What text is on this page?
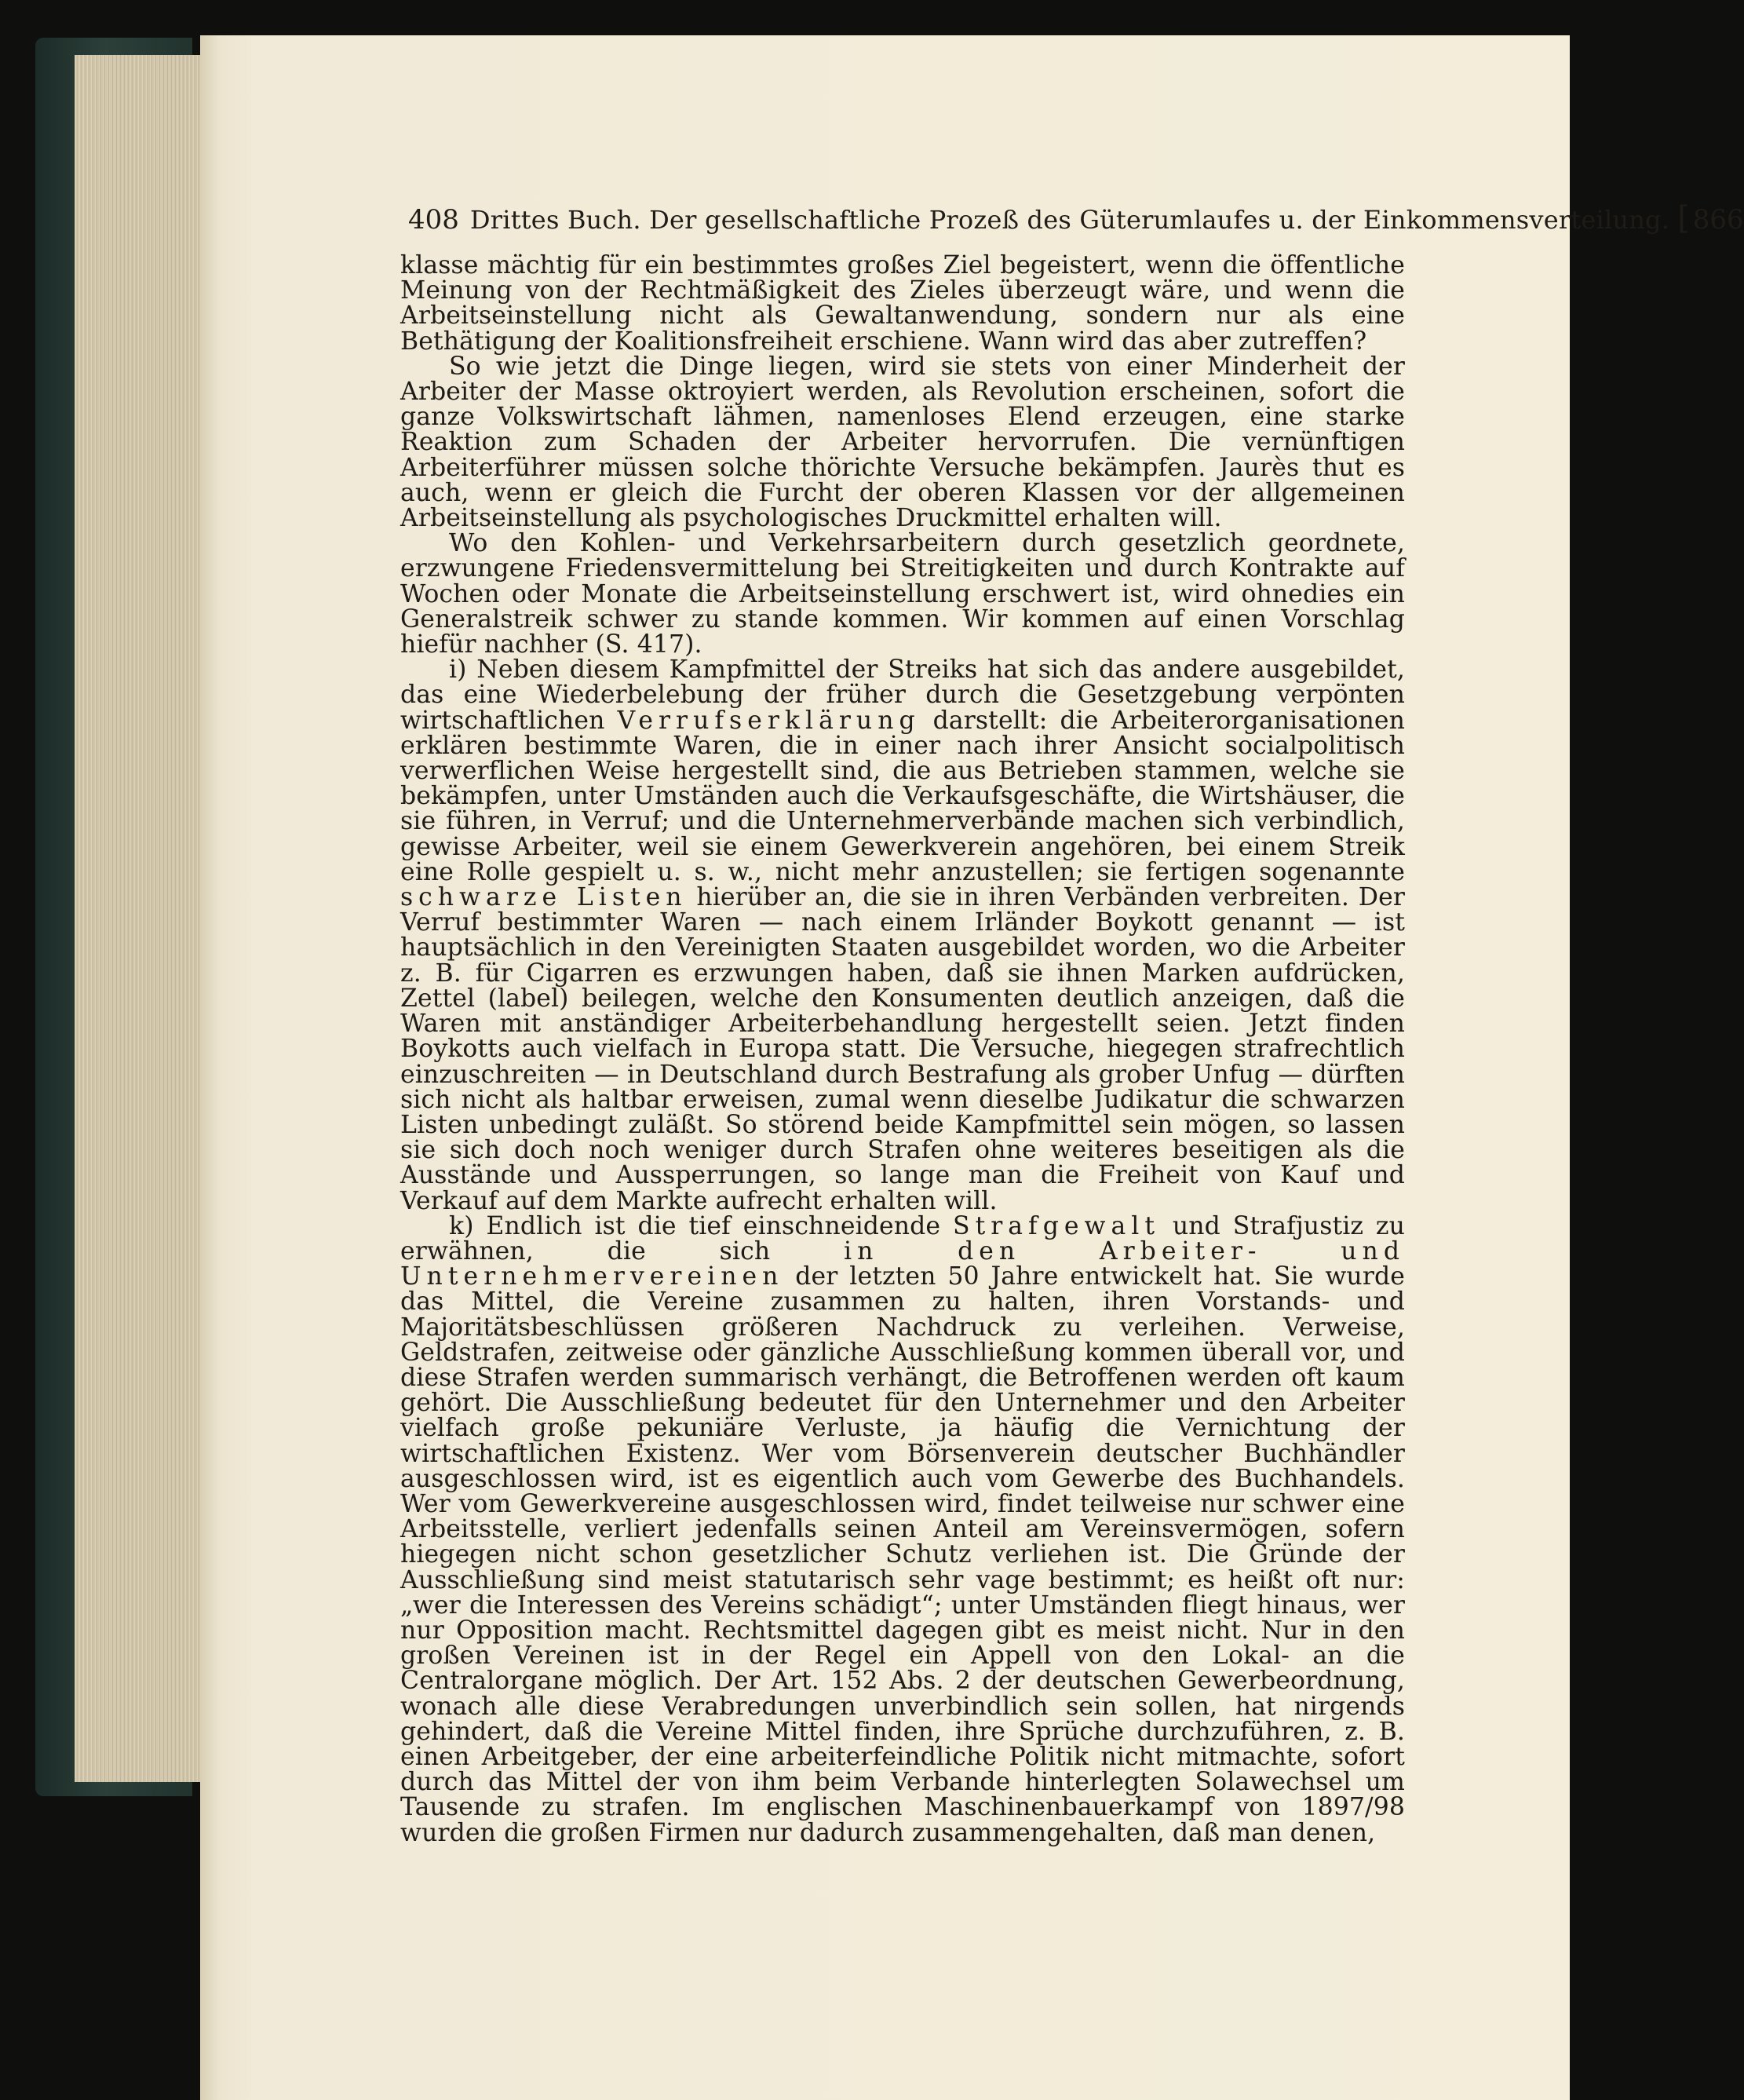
408 Drittes Buch. Der gesellschaftliche Prozeß des Güterumlaufes u. der Einkommensverteilung. [ 866

klasse mächtig für ein bestimmtes großes Ziel begeistert, wenn die öffentliche Meinung von der Rechtmäßigkeit des Zieles überzeugt wäre, und wenn die Arbeitseinstellung nicht als Gewaltanwendung, sondern nur als eine Bethätigung der Koalitionsfreiheit erschiene. Wann wird das aber zutreffen?

So wie jetzt die Dinge liegen, wird sie stets von einer Minderheit der Arbeiter der Masse oktroyiert werden, als Revolution erscheinen, sofort die ganze Volkswirtschaft lähmen, namenloses Elend erzeugen, eine starke Reaktion zum Schaden der Arbeiter hervorrufen. Die vernünftigen Arbeiterführer müssen solche thörichte Versuche bekämpfen. Jaurès thut es auch, wenn er gleich die Furcht der oberen Klassen vor der allgemeinen Arbeitseinstellung als psychologisches Druckmittel erhalten will.

Wo den Kohlen- und Verkehrsarbeitern durch gesetzlich geordnete, erzwungene Friedensvermittelung bei Streitigkeiten und durch Kontrakte auf Wochen oder Monate die Arbeitseinstellung erschwert ist, wird ohnedies ein Generalstreik schwer zu stande kommen. Wir kommen auf einen Vorschlag hiefür nachher (S. 417).

i) Neben diesem Kampfmittel der Streiks hat sich das andere ausgebildet, das eine Wiederbelebung der früher durch die Gesetzgebung verpönten wirtschaftlichen Verrufserklärung darstellt: die Arbeiterorganisationen erklären bestimmte Waren, die in einer nach ihrer Ansicht socialpolitisch verwerflichen Weise hergestellt sind, die aus Betrieben stammen, welche sie bekämpfen, unter Umständen auch die Verkaufsgeschäfte, die Wirtshäuser, die sie führen, in Verruf; und die Unternehmerverbände machen sich verbindlich, gewisse Arbeiter, weil sie einem Gewerkverein angehören, bei einem Streik eine Rolle gespielt u. s. w., nicht mehr anzustellen; sie fertigen sogenannte schwarze Listen hierüber an, die sie in ihren Verbänden verbreiten. Der Verruf bestimmter Waren — nach einem Irländer Boykott genannt — ist hauptsächlich in den Vereinigten Staaten ausgebildet worden, wo die Arbeiter z. B. für Cigarren es erzwungen haben, daß sie ihnen Marken aufdrücken, Zettel (label) beilegen, welche den Konsumenten deutlich anzeigen, daß die Waren mit anständiger Arbeiterbehandlung hergestellt seien. Jetzt finden Boykotts auch vielfach in Europa statt. Die Versuche, hiegegen strafrechtlich einzuschreiten — in Deutschland durch Bestrafung als grober Unfug — dürften sich nicht als haltbar erweisen, zumal wenn dieselbe Judikatur die schwarzen Listen unbedingt zuläßt. So störend beide Kampfmittel sein mögen, so lassen sie sich doch noch weniger durch Strafen ohne weiteres beseitigen als die Ausstände und Aussperrungen, so lange man die Freiheit von Kauf und Verkauf auf dem Markte aufrecht erhalten will.

k) Endlich ist die tief einschneidende Strafgewalt und Strafjustiz zu erwähnen, die sich in den Arbeiter- und Unternehmervereinen der letzten 50 Jahre entwickelt hat. Sie wurde das Mittel, die Vereine zusammen zu halten, ihren Vorstands- und Majoritätsbeschlüssen größeren Nachdruck zu verleihen. Verweise, Geldstrafen, zeitweise oder gänzliche Ausschließung kommen überall vor, und diese Strafen werden summarisch verhängt, die Betroffenen werden oft kaum gehört. Die Ausschließung bedeutet für den Unternehmer und den Arbeiter vielfach große pekuniäre Verluste, ja häufig die Vernichtung der wirtschaftlichen Existenz. Wer vom Börsenverein deutscher Buchhändler ausgeschlossen wird, ist es eigentlich auch vom Gewerbe des Buchhandels. Wer vom Gewerkvereine ausgeschlossen wird, findet teilweise nur schwer eine Arbeitsstelle, verliert jedenfalls seinen Anteil am Vereinsvermögen, sofern hiegegen nicht schon gesetzlicher Schutz verliehen ist. Die Gründe der Ausschließung sind meist statutarisch sehr vage bestimmt; es heißt oft nur: „wer die Interessen des Vereins schädigt“; unter Umständen fliegt hinaus, wer nur Opposition macht. Rechtsmittel dagegen gibt es meist nicht. Nur in den großen Vereinen ist in der Regel ein Appell von den Lokal- an die Centralorgane möglich. Der Art. 152 Abs. 2 der deutschen Gewerbeordnung, wonach alle diese Verabredungen unverbindlich sein sollen, hat nirgends gehindert, daß die Vereine Mittel finden, ihre Sprüche durchzuführen, z. B. einen Arbeitgeber, der eine arbeiterfeindliche Politik nicht mitmachte, sofort durch das Mittel der von ihm beim Verbande hinterlegten Solawechsel um Tausende zu strafen. Im englischen Maschinenbauerkampf von 1897/98 wurden die großen Firmen nur dadurch zusammengehalten, daß man denen,
